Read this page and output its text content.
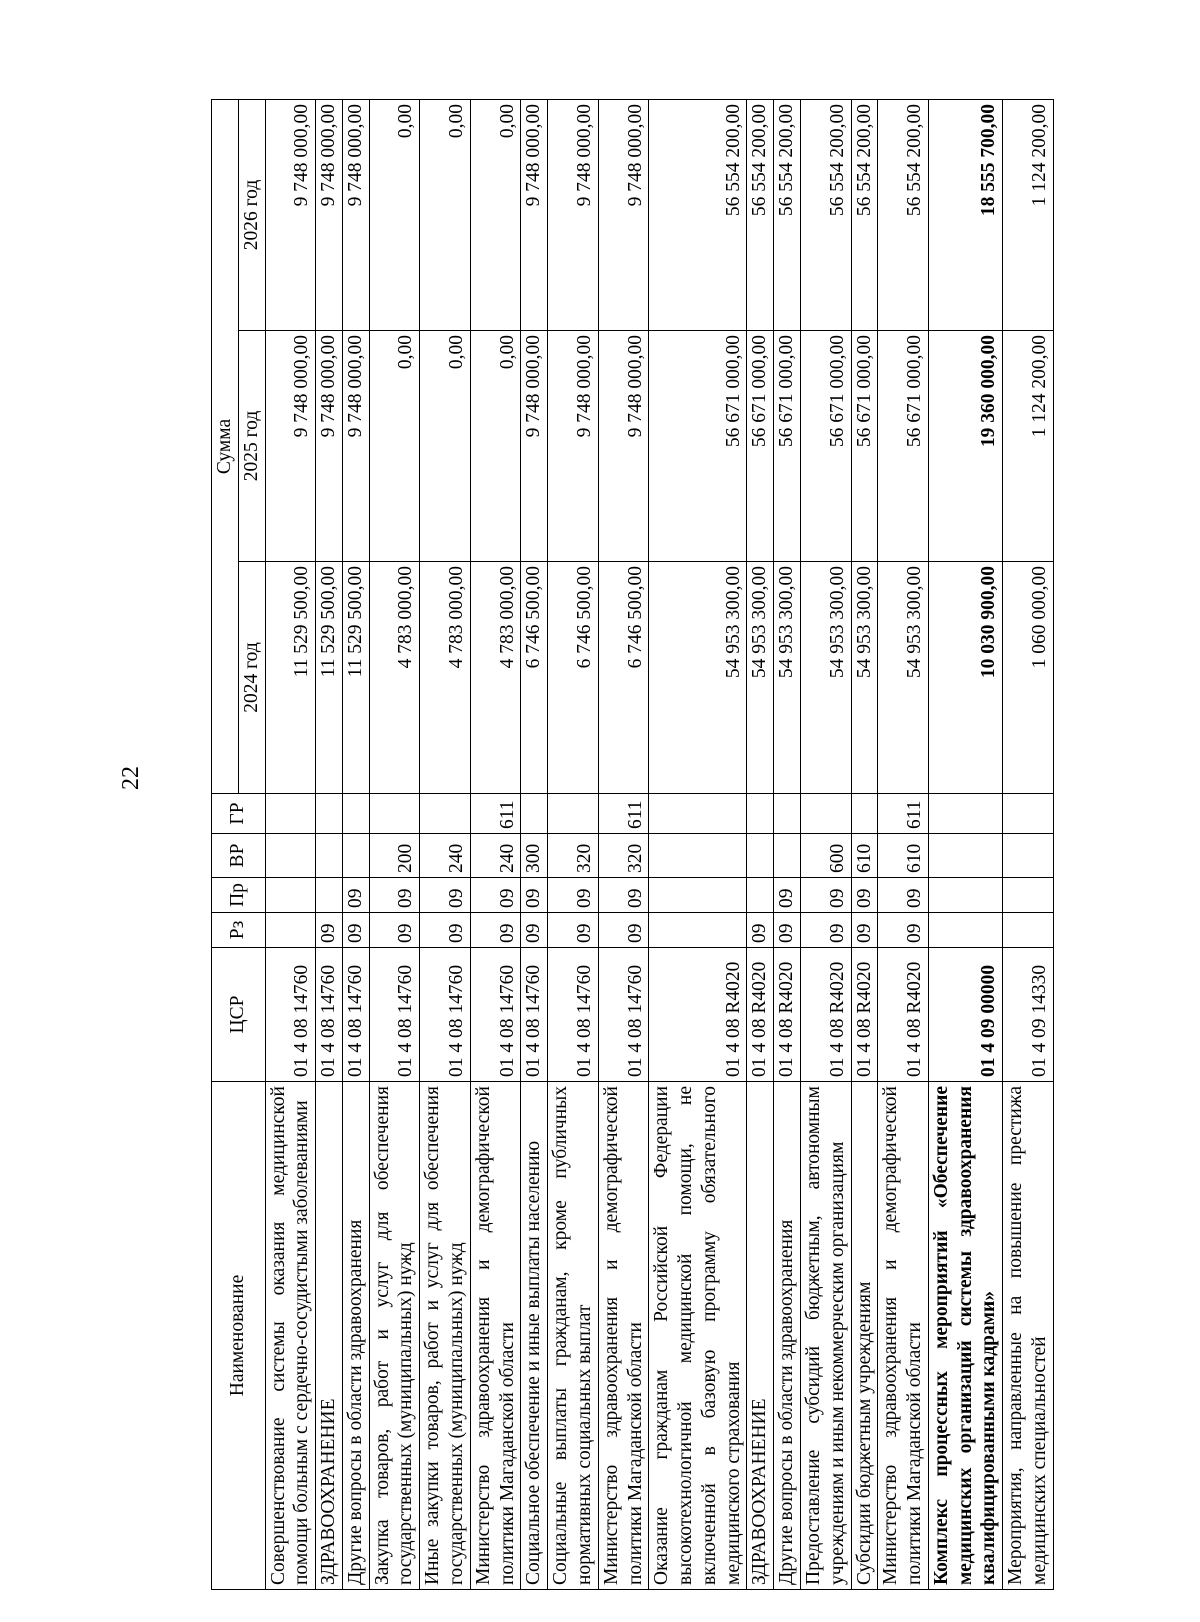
22
Наименование	ЦСР	Рз	Пр	ВР	ГР	Сумма		
						2024 год	2025 год	2026 год
Совершенствование системы оказания медицинской помощи больным с сердечно-сосудистыми заболеваниями	01 4 08 14760					11 529 500,00	9 748 000,00	9 748 000,00
ЗДРАВООХРАНЕНИЕ	01 4 08 14760	09				11 529 500,00	9 748 000,00	9 748 000,00
Другие вопросы в области здравоохранения	01 4 08 14760	09	09			11 529 500,00	9 748 000,00	9 748 000,00
Закупка товаров, работ и услуг для обеспечения государственных (муниципальных) нужд	01 4 08 14760	09	09	200		4 783 000,00	0,00	0,00
Иные закупки товаров, работ и услуг для обеспечения государственных (муниципальных) нужд	01 4 08 14760	09	09	240		4 783 000,00	0,00	0,00
Министерство здравоохранения и демографической политики Магаданской области	01 4 08 14760	09	09	240	611	4 783 000,00	0,00	0,00
Социальное обеспечение и иные выплаты населению	01 4 08 14760	09	09	300		6 746 500,00	9 748 000,00	9 748 000,00
Социальные выплаты гражданам, кроме публичных нормативных социальных выплат	01 4 08 14760	09	09	320		6 746 500,00	9 748 000,00	9 748 000,00
Министерство здравоохранения и демографической политики Магаданской области	01 4 08 14760	09	09	320	611	6 746 500,00	9 748 000,00	9 748 000,00
Оказание гражданам Российской Федерации высокотехнологичной медицинской помощи, не включенной в базовую программу обязательного медицинского страхования	01 4 08 R4020					54 953 300,00	56 671 000,00	56 554 200,00
ЗДРАВООХРАНЕНИЕ	01 4 08 R4020	09				54 953 300,00	56 671 000,00	56 554 200,00
Другие вопросы в области здравоохранения	01 4 08 R4020	09	09			54 953 300,00	56 671 000,00	56 554 200,00
Предоставление субсидий бюджетным, автономным учреждениям и иным некоммерческим организациям	01 4 08 R4020	09	09	600		54 953 300,00	56 671 000,00	56 554 200,00
Субсидии бюджетным учреждениям	01 4 08 R4020	09	09	610		54 953 300,00	56 671 000,00	56 554 200,00
Министерство здравоохранения и демографической политики Магаданской области	01 4 08 R4020	09	09	610	611	54 953 300,00	56 671 000,00	56 554 200,00
Комплекс процессных мероприятий «Обеспечение медицинских организаций системы здравоохранения квалифицированными кадрами»	01 4 09 00000					10 030 900,00	19 360 000,00	18 555 700,00
Мероприятия, направленные на повышение престижа медицинских специальностей	01 4 09 14330					1 060 000,00	1 124 200,00	1 124 200,00
